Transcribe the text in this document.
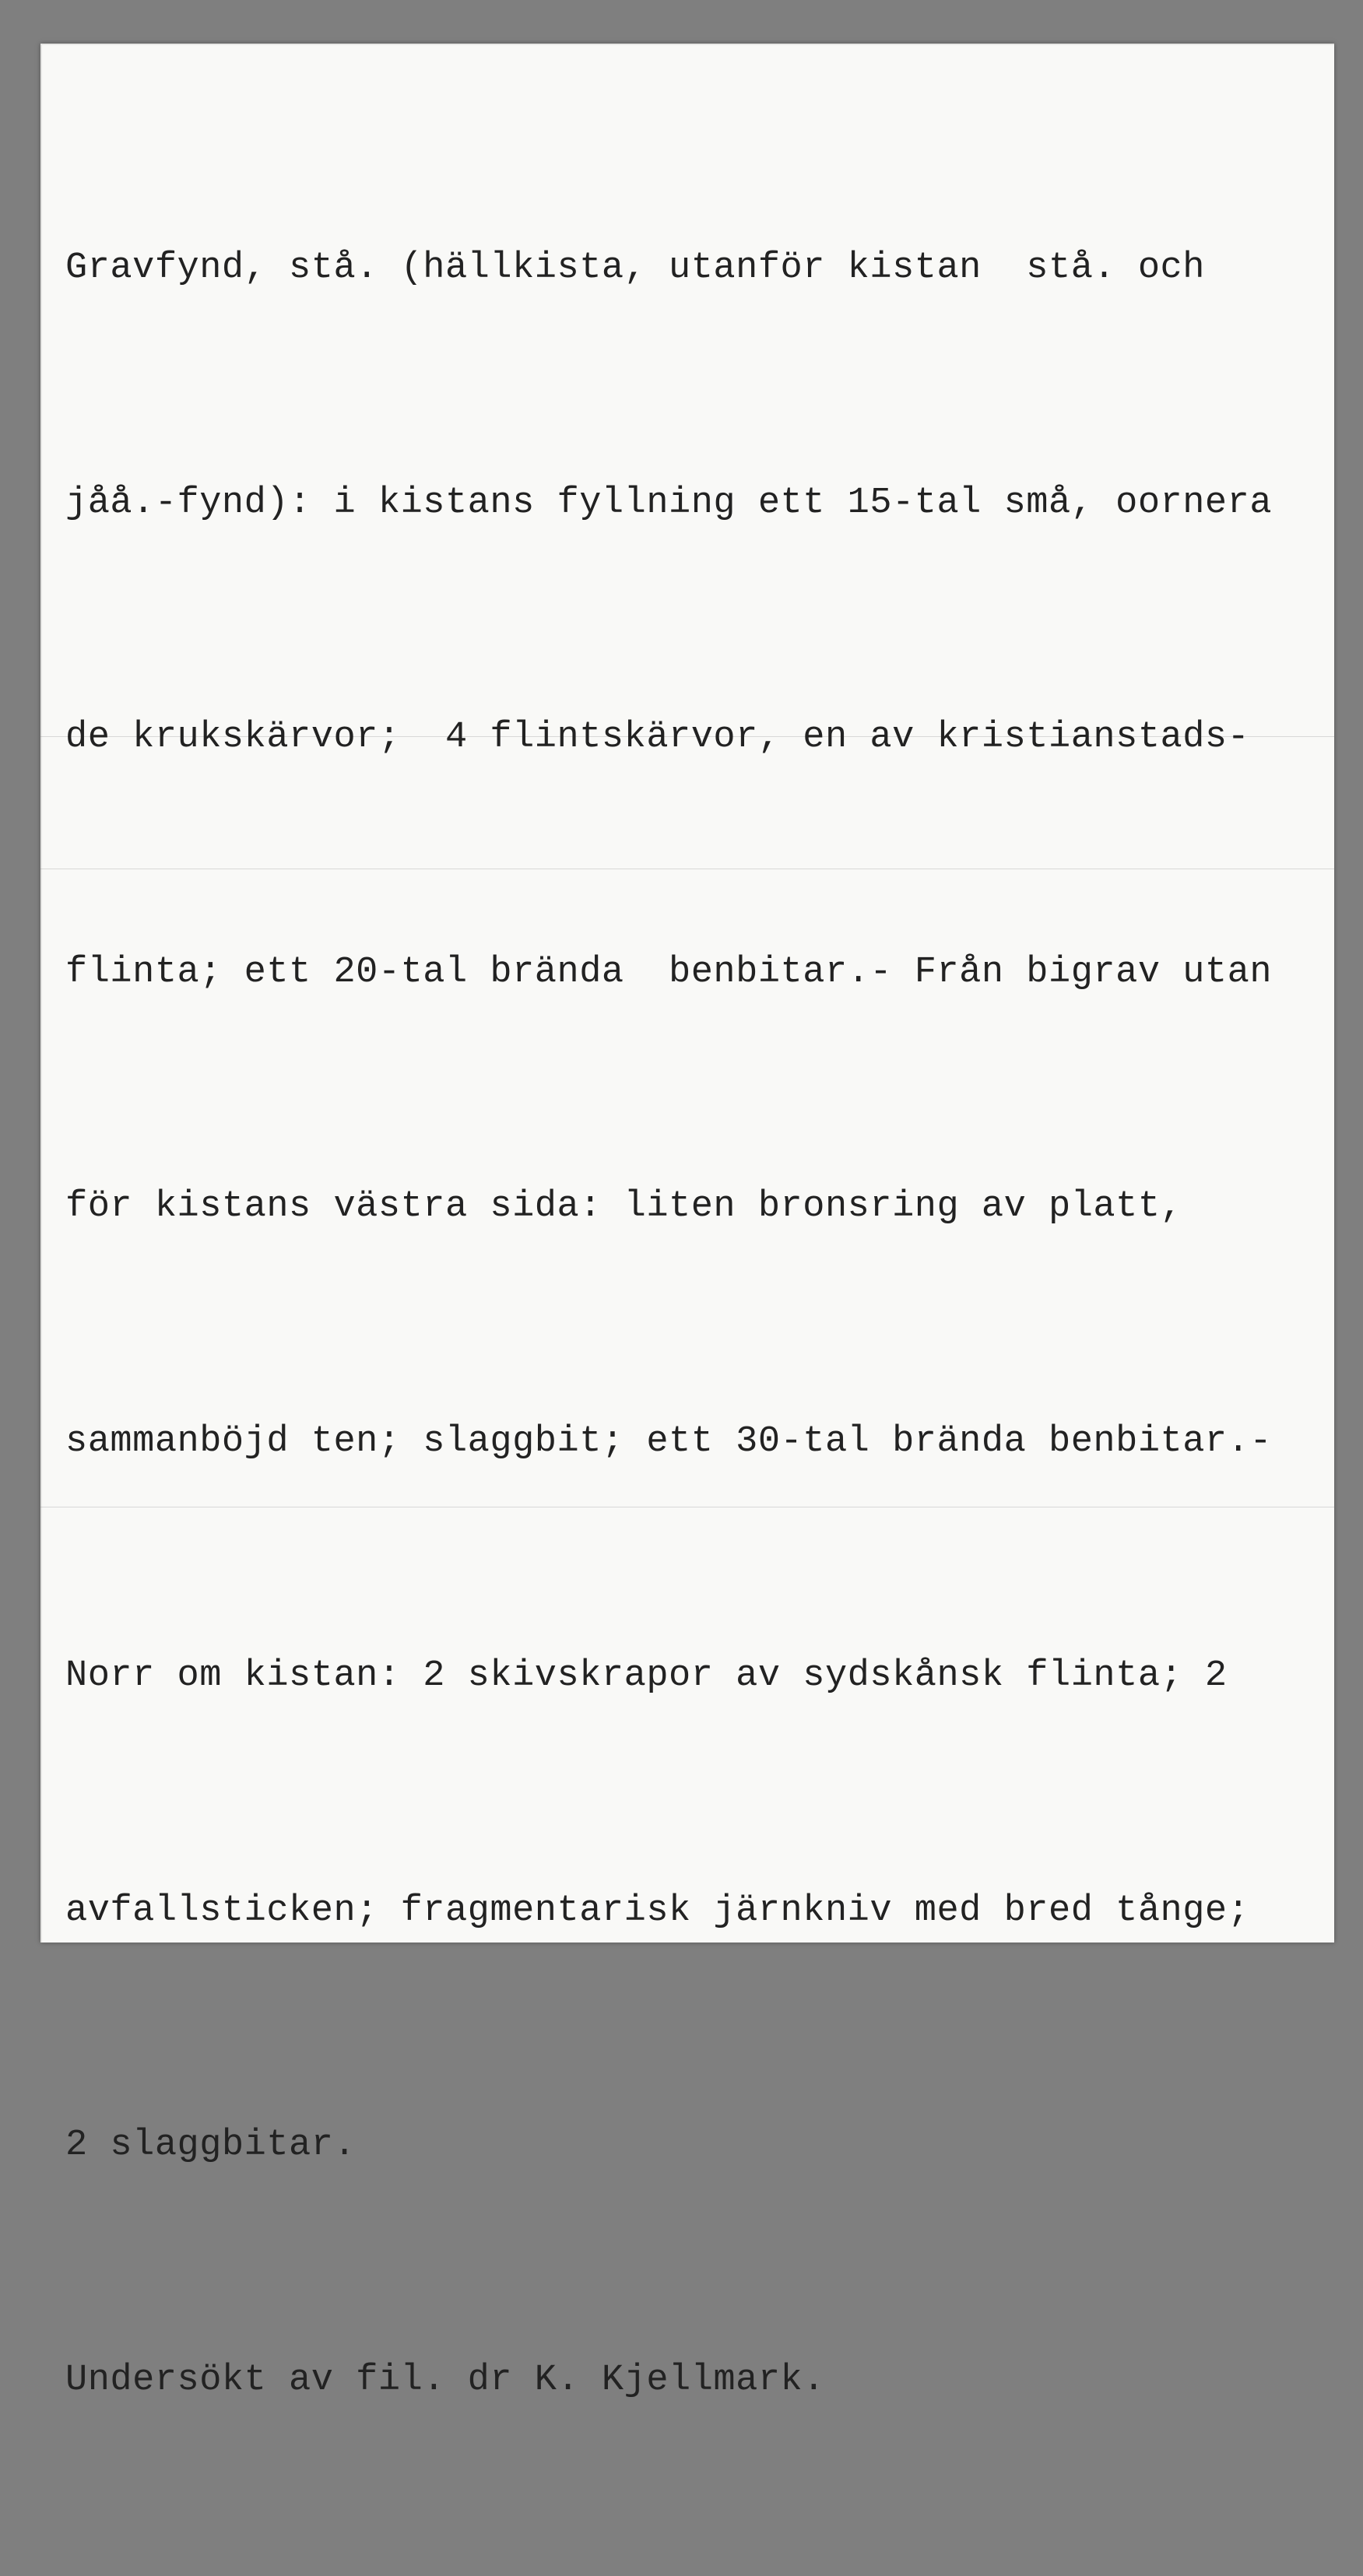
Gravfynd, stå. (hällkista, utanför kistan  stå. och

jåå.-fynd): i kistans fyllning ett 15-tal små, oornera

de krukskärvor;  4 flintskärvor, en av kristianstads-

flinta; ett 20-tal brända  benbitar.- Från bigrav utan

för kistans västra sida: liten bronsring av platt,

sammanböjd ten; slaggbit; ett 30-tal brända benbitar.-

Norr om kistan: 2 skivskrapor av sydskånsk flinta; 2

avfallstiсken; fragmentarisk järnkniv med bred tånge;

2 slaggbitar.

Undersökt av fil. dr K. Kjellmark.
